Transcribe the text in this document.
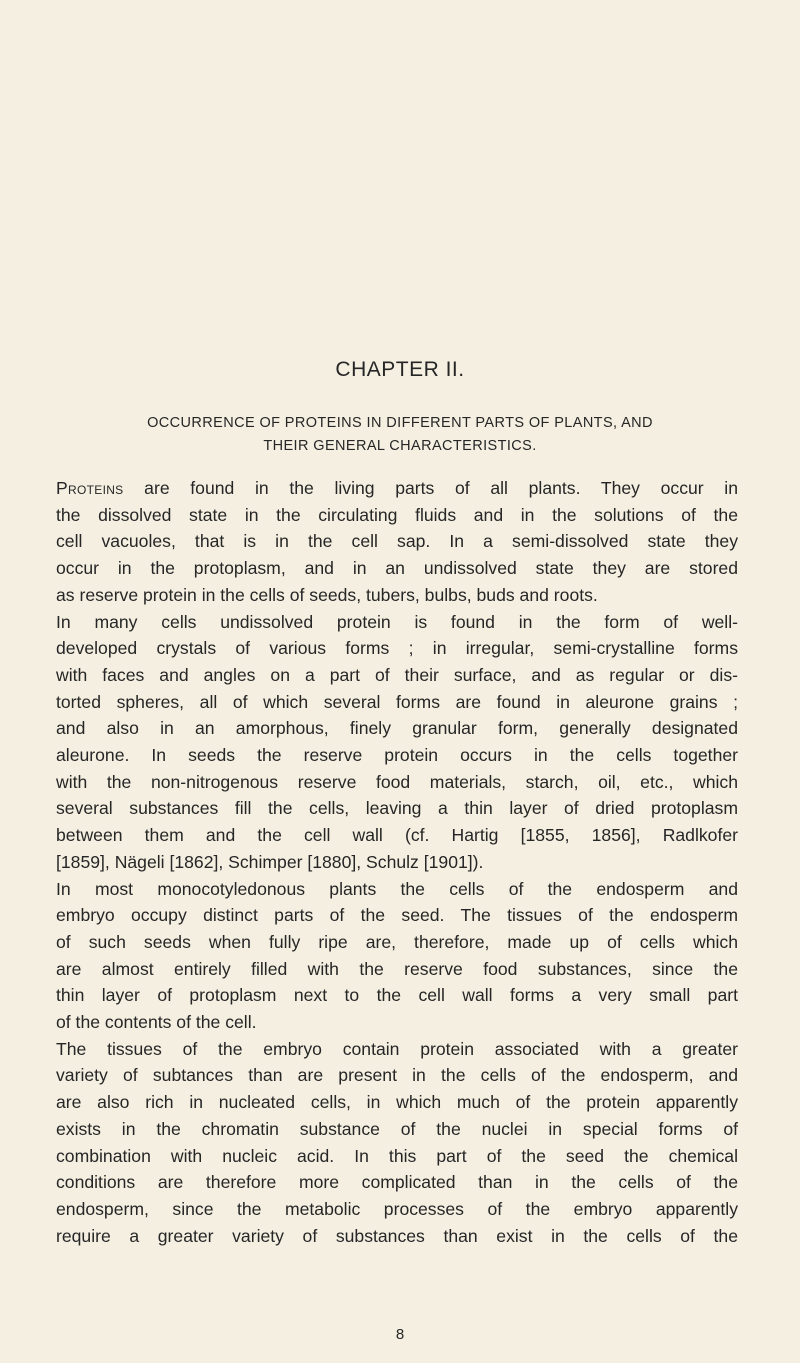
CHAPTER II.
OCCURRENCE OF PROTEINS IN DIFFERENT PARTS OF PLANTS, AND
THEIR GENERAL CHARACTERISTICS.

Proteins are found in the living parts of all plants. They occur in
the dissolved state in the circulating fluids and in the solutions of the
cell vacuoles, that is in the cell sap. In a semi-dissolved state they
occur in the protoplasm, and in an undissolved state they are stored
as reserve protein in the cells of seeds, tubers, bulbs, buds and roots.

In many cells undissolved protein is found in the form of well-
developed crystals of various forms ; in irregular, semi-crystalline forms
with faces and angles on a part of their surface, and as regular or dis-
torted spheres, all of which several forms are found in aleurone grains ;
and also in an amorphous, finely granular form, generally designated
aleurone. In seeds the reserve protein occurs in the cells together
with the non-nitrogenous reserve food materials, starch, oil, etc., which
several substances fill the cells, leaving a thin layer of dried protoplasm
between them and the cell wall (cf. Hartig [1855, 1856], Radlkofer
[1859], Nägeli [1862], Schimper [1880], Schulz [1901]).

In most monocotyledonous plants the cells of the endosperm and
embryo occupy distinct parts of the seed. The tissues of the endosperm
of such seeds when fully ripe are, therefore, made up of cells which
are almost entirely filled with the reserve food substances, since the
thin layer of protoplasm next to the cell wall forms a very small part
of the contents of the cell.

The tissues of the embryo contain protein associated with a greater
variety of subtances than are present in the cells of the endosperm, and
are also rich in nucleated cells, in which much of the protein apparently
exists in the chromatin substance of the nuclei in special forms of
combination with nucleic acid. In this part of the seed the chemical
conditions are therefore more complicated than in the cells of the
endosperm, since the metabolic processes of the embryo apparently
require a greater variety of substances than exist in the cells of the

8
